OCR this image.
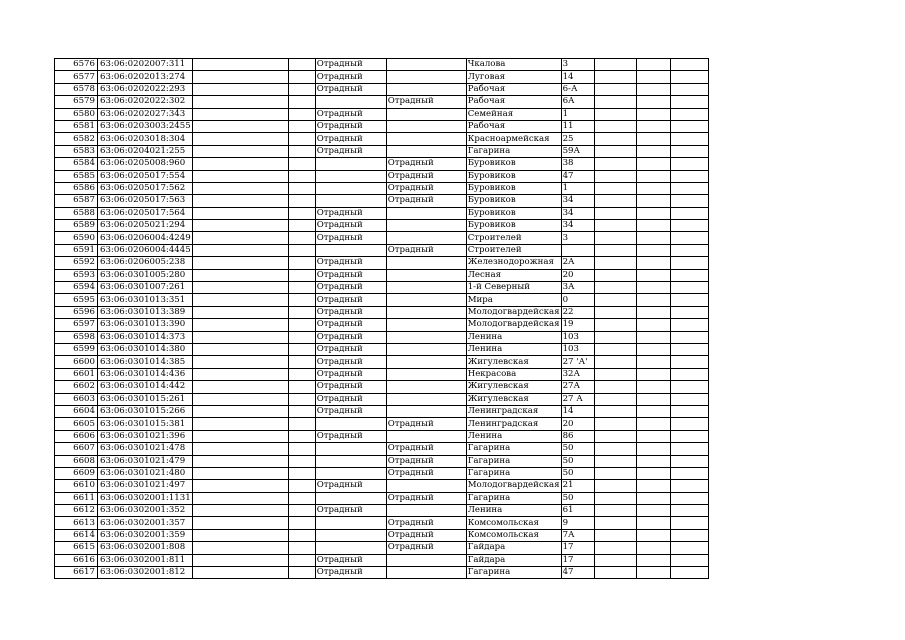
6576	63:06:0202007:311			Отрадный		Чкалова	3			
6577	63:06:0202013:274			Отрадный		Луговая	14			
6578	63:06:0202022:293			Отрадный		Рабочая	6-А			
6579	63:06:0202022:302				Отрадный	Рабочая	6А			
6580	63:06:0202027:343			Отрадный		Семейная	1			
6581	63:06:0203003:2455			Отрадный		Рабочая	11			
6582	63:06:0203018:304			Отрадный		Красноармейская	25			
6583	63:06:0204021:255			Отрадный		Гагарина	59А			
6584	63:06:0205008:960				Отрадный	Буровиков	38			
6585	63:06:0205017:554				Отрадный	Буровиков	47			
6586	63:06:0205017:562				Отрадный	Буровиков	1			
6587	63:06:0205017:563				Отрадный	Буровиков	34			
6588	63:06:0205017:564			Отрадный		Буровиков	34			
6589	63:06:0205021:294			Отрадный		Буровиков	34			
6590	63:06:0206004:4249			Отрадный		Строителей	3			
6591	63:06:0206004:4445				Отрадный	Строителей				
6592	63:06:0206005:238			Отрадный		Железнодорожная	2А			
6593	63:06:0301005:280			Отрадный		Лесная	20			
6594	63:06:0301007:261			Отрадный		1-й Северный	3А			
6595	63:06:0301013:351			Отрадный		Мира	0			
6596	63:06:0301013:389			Отрадный		Молодогвардейская	22			
6597	63:06:0301013:390			Отрадный		Молодогвардейская	19			
6598	63:06:0301014:373			Отрадный		Ленина	103			
6599	63:06:0301014:380			Отрадный		Ленина	103			
6600	63:06:0301014:385			Отрадный		Жигулевская	27 'А'			
6601	63:06:0301014:436			Отрадный		Некрасова	32А			
6602	63:06:0301014:442			Отрадный		Жигулевская	27А			
6603	63:06:0301015:261			Отрадный		Жигулевская	27 А			
6604	63:06:0301015:266			Отрадный		Ленинградская	14			
6605	63:06:0301015:381				Отрадный	Ленинградская	20			
6606	63:06:0301021:396			Отрадный		Ленина	86			
6607	63:06:0301021:478				Отрадный	Гагарина	50			
6608	63:06:0301021:479				Отрадный	Гагарина	50			
6609	63:06:0301021:480				Отрадный	Гагарина	50			
6610	63:06:0301021:497			Отрадный		Молодогвардейская	21			
6611	63:06:0302001:1131				Отрадный	Гагарина	50			
6612	63:06:0302001:352			Отрадный		Ленина	61			
6613	63:06:0302001:357				Отрадный	Комсомольская	9			
6614	63:06:0302001:359				Отрадный	Комсомольская	7А			
6615	63:06:0302001:808				Отрадный	Гайдара	17			
6616	63:06:0302001:811			Отрадный		Гайдара	17			
6617	63:06:0302001:812			Отрадный		Гагарина	47			
